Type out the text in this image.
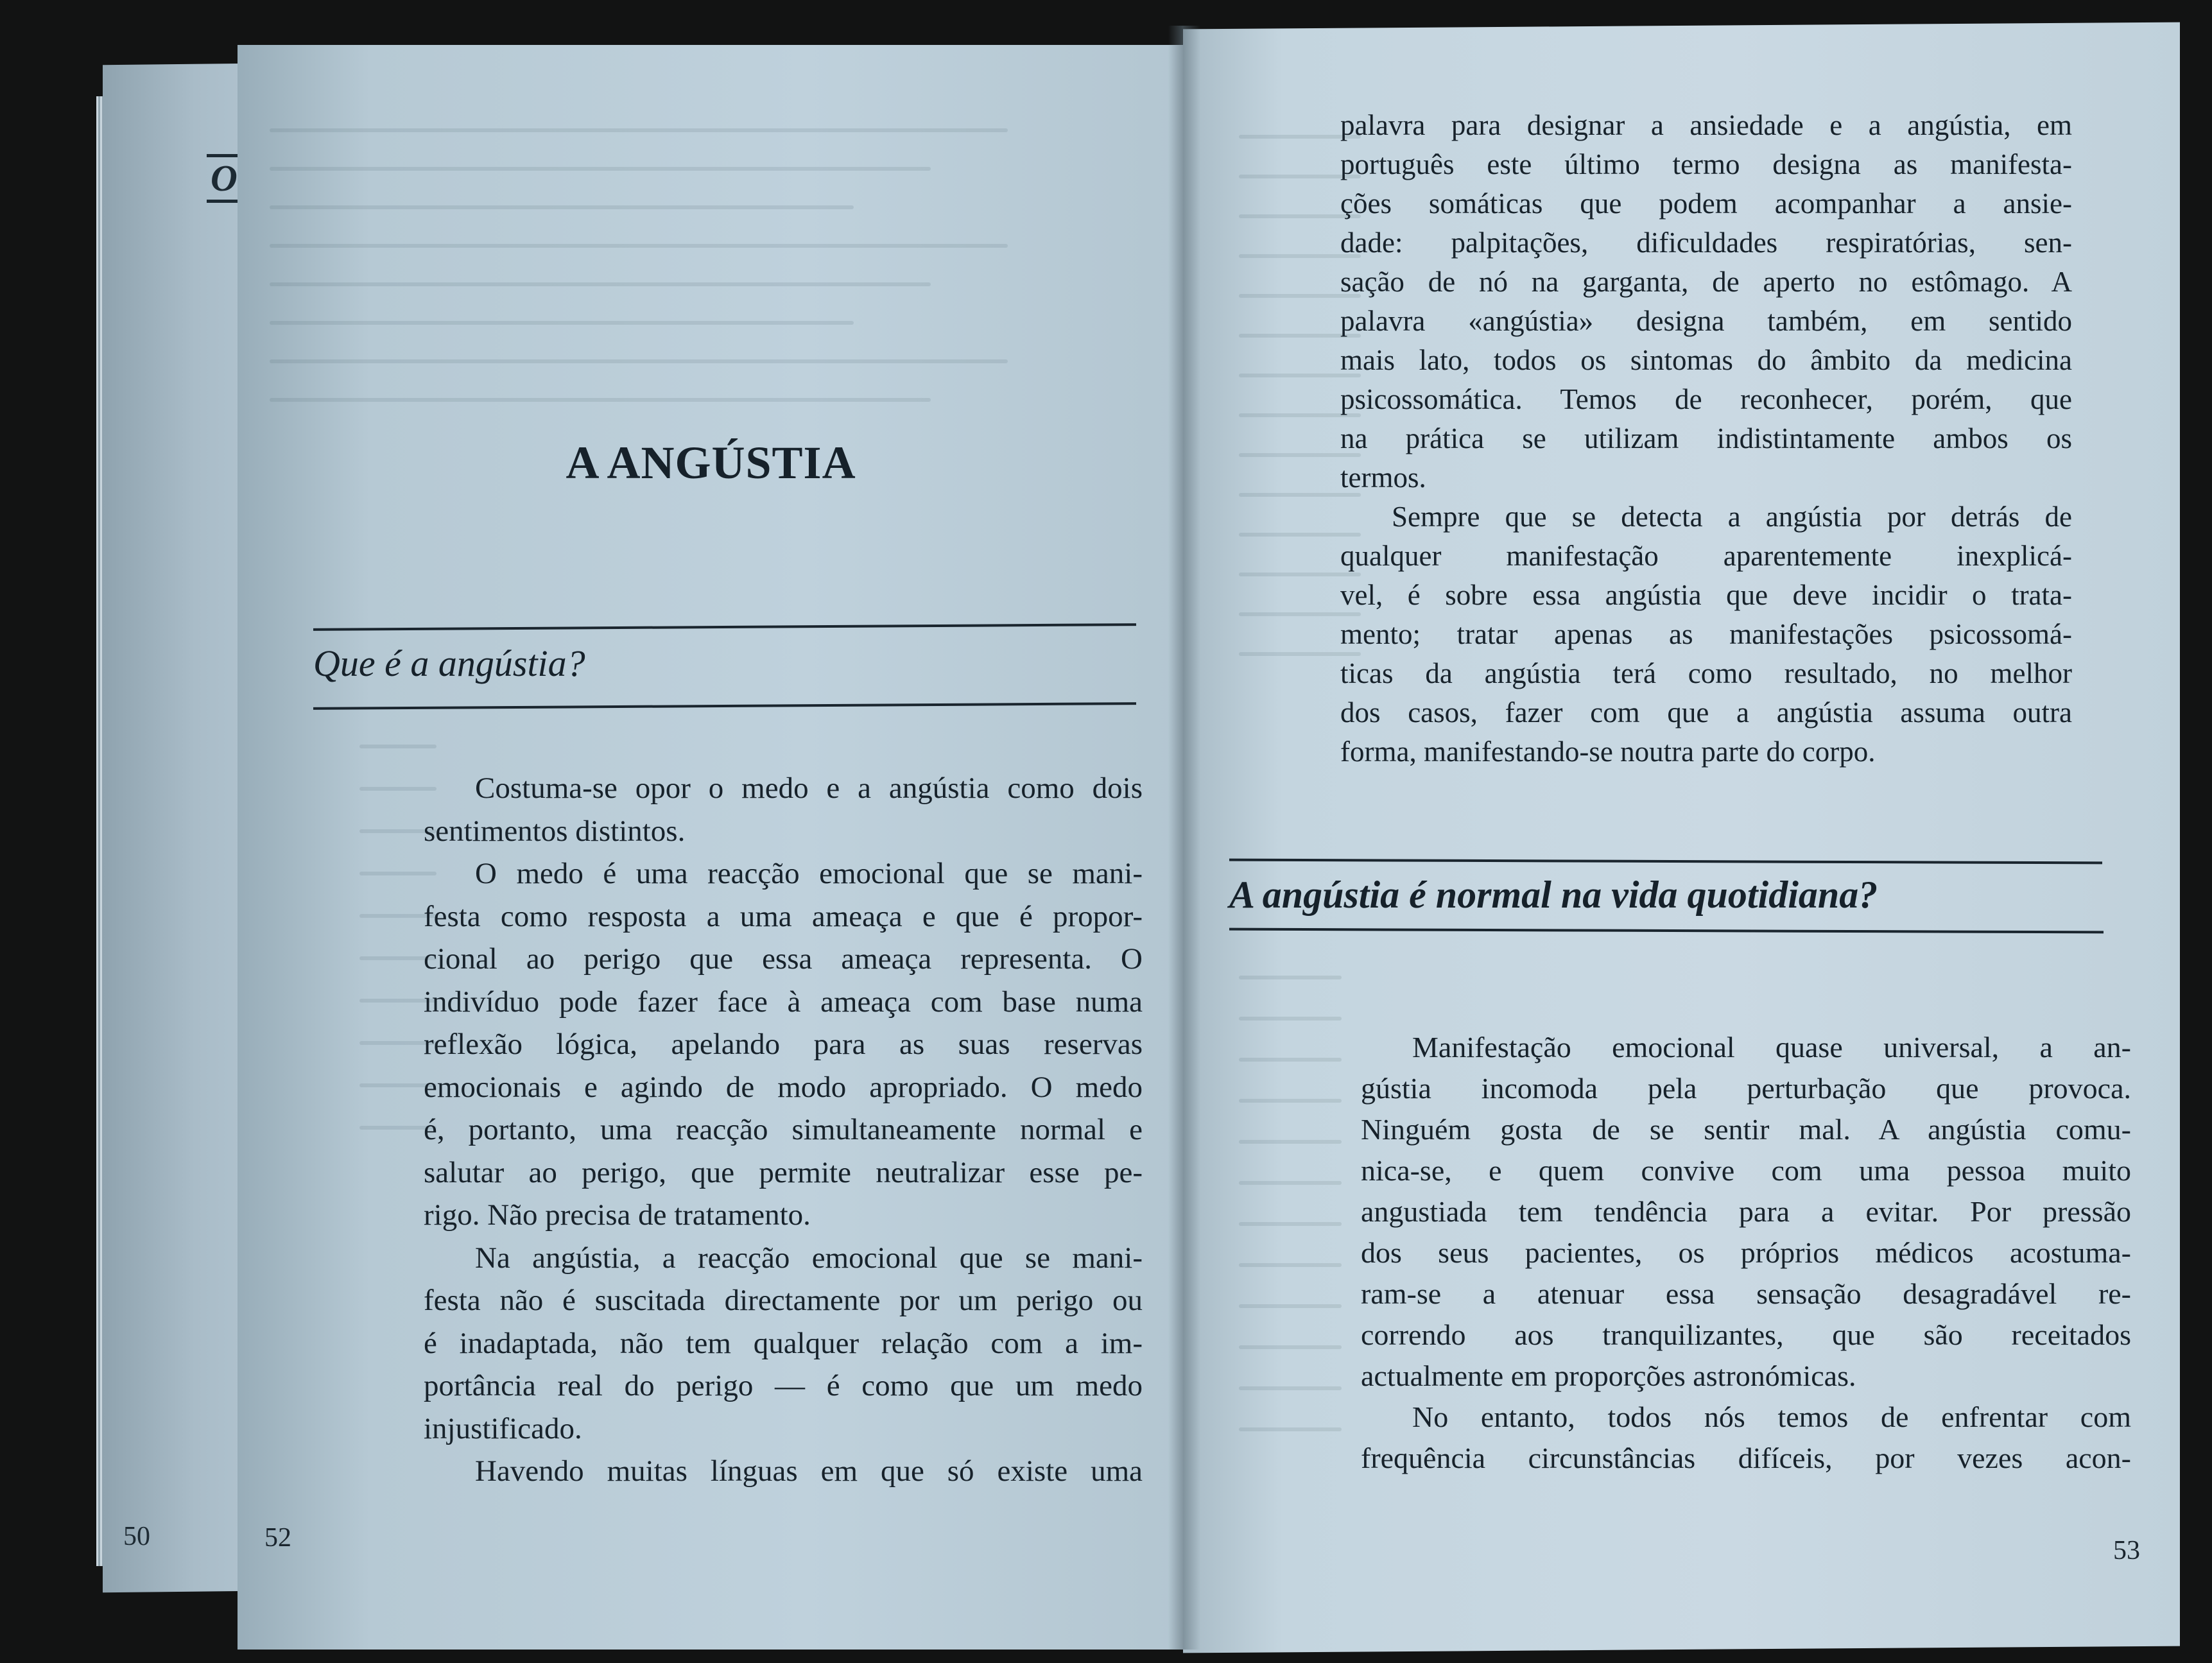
O
50
A ANGÚSTIA
Que é a angústia?
Costuma-se opor o medo e a angústia como dois
sentimentos distintos.
O medo é uma reacção emocional que se mani-
festa como resposta a uma ameaça e que é propor-
cional ao perigo que essa ameaça representa. O
indivíduo pode fazer face à ameaça com base numa
reflexão lógica, apelando para as suas reservas
emocionais e agindo de modo apropriado. O medo
é, portanto, uma reacção simultaneamente normal e
salutar ao perigo, que permite neutralizar esse pe-
rigo. Não precisa de tratamento.
Na angústia, a reacção emocional que se mani-
festa não é suscitada directamente por um perigo ou
é inadaptada, não tem qualquer relação com a im-
portância real do perigo — é como que um medo
injustificado.
Havendo muitas línguas em que só existe uma
52
palavra para designar a ansiedade e a angústia, em
português este último termo designa as manifesta-
ções somáticas que podem acompanhar a ansie-
dade: palpitações, dificuldades respiratórias, sen-
sação de nó na garganta, de aperto no estômago. A
palavra «angústia» designa também, em sentido
mais lato, todos os sintomas do âmbito da medicina
psicossomática. Temos de reconhecer, porém, que
na prática se utilizam indistintamente ambos os
termos.
Sempre que se detecta a angústia por detrás de
qualquer manifestação aparentemente inexplicá-
vel, é sobre essa angústia que deve incidir o trata-
mento; tratar apenas as manifestações psicossomá-
ticas da angústia terá como resultado, no melhor
dos casos, fazer com que a angústia assuma outra
forma, manifestando-se noutra parte do corpo.
A angústia é normal na vida quotidiana?
Manifestação emocional quase universal, a an-
gústia incomoda pela perturbação que provoca.
Ninguém gosta de se sentir mal. A angústia comu-
nica-se, e quem convive com uma pessoa muito
angustiada tem tendência para a evitar. Por pressão
dos seus pacientes, os próprios médicos acostuma-
ram-se a atenuar essa sensação desagradável re-
correndo aos tranquilizantes, que são receitados
actualmente em proporções astronómicas.
No entanto, todos nós temos de enfrentar com
frequência circunstâncias difíceis, por vezes acon-
53
